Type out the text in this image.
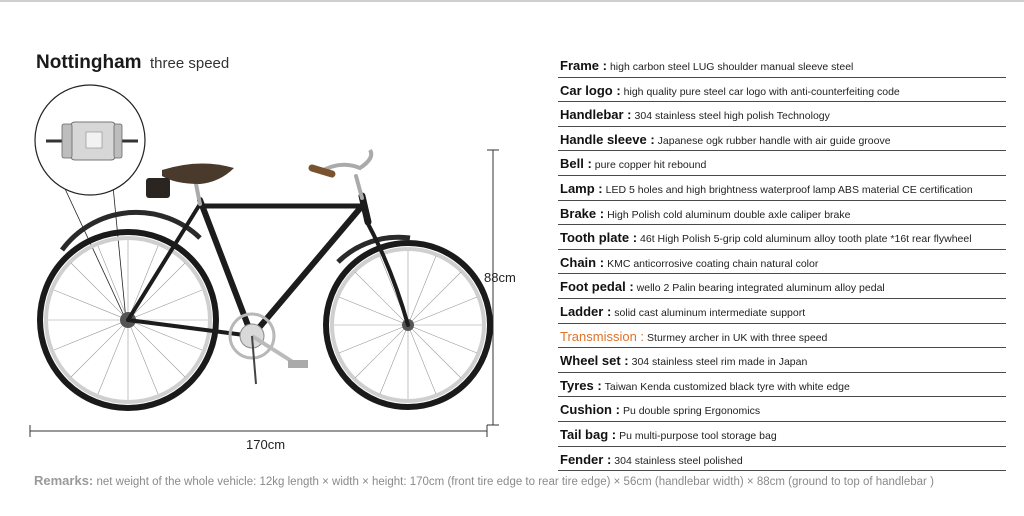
Nottingham three speed
88cm
170cm
Frame : high carbon steel LUG shoulder manual sleeve steel
Car logo : high quality pure steel car logo with anti-counterfeiting code
Handlebar : 304 stainless steel high polish Technology
Handle sleeve : Japanese ogk rubber handle with air guide groove
Bell : pure copper hit rebound
Lamp : LED 5 holes and high brightness waterproof lamp ABS material CE certification
Brake : High Polish cold aluminum double axle caliper brake
Tooth plate : 46t High Polish 5-grip cold aluminum alloy tooth plate *16t rear flywheel
Chain : KMC anticorrosive coating chain natural color
Foot pedal : wello 2 Palin bearing integrated aluminum alloy pedal
Ladder : solid cast aluminum intermediate support
Transmission : Sturmey archer in UK with three speed
Wheel set : 304 stainless steel rim made in Japan
Tyres : Taiwan Kenda customized black tyre with white edge
Cushion : Pu double spring Ergonomics
Tail bag : Pu multi-purpose tool storage bag
Fender : 304 stainless steel polished
Remarks: net weight of the whole vehicle: 12kg length × width × height: 170cm (front tire edge to rear tire edge) × 56cm (handlebar width) × 88cm (ground to top of handlebar )
